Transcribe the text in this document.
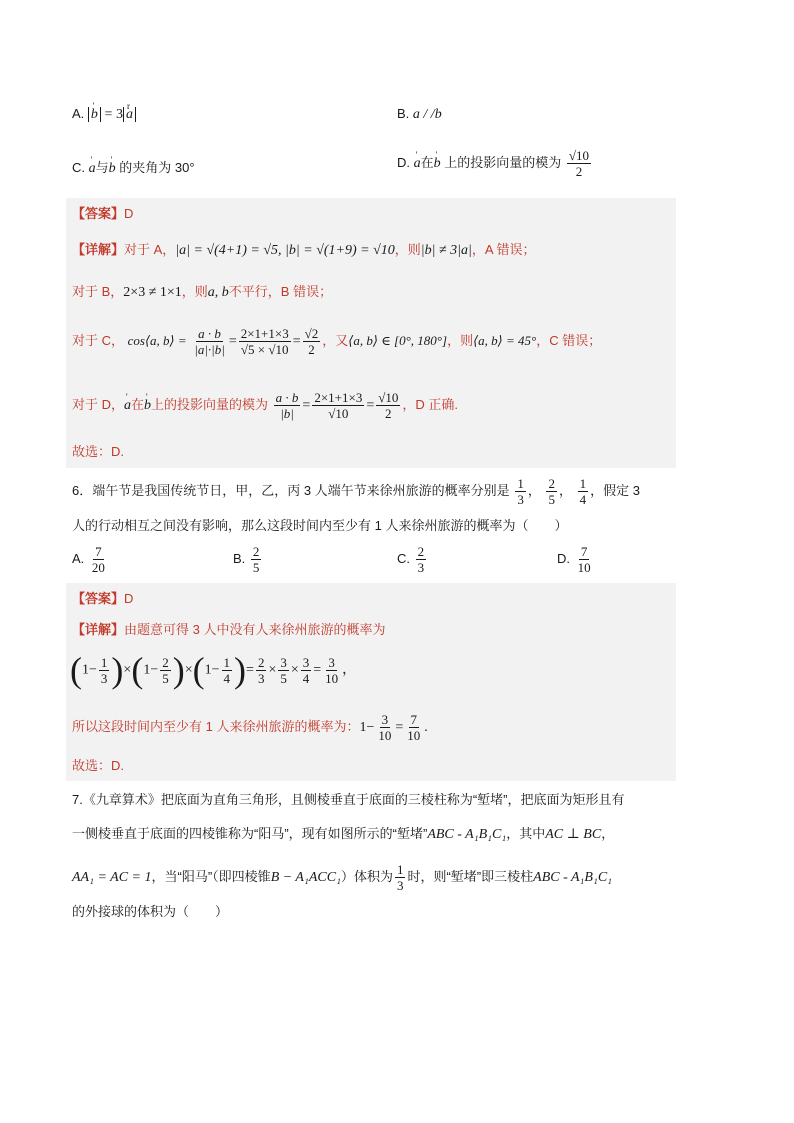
A. ' b = 3 r a	B. a / /b
C. ' a与' b 的夹角为 30°	D. ' a在' b 上的投影向量的模为 $\frac{√10}{2}$
【答案】D
【详解】对于 A，|a| = √(4+1) = √5, |b| = √(1+9) = √10，则|b| ≠ 3|a|，A 错误；
对于 B，2×3 ≠ 1×1，则a, b不平行，B 错误；
对于 C， cos⟨a, b⟩ = $\frac{a \cdot b}{|a|\cdot|b|} = \frac{2\times 1+1\times 3}{√5 \times √10} = \frac{√2}{2}$ ，又⟨a, b⟩ ∈ [0°, 180°]，则⟨a, b⟩ = 45°，C 错误；
对于 D，' a在' b上的投影向量的模为 $\frac{a \cdot b}{|b|} = \frac{2\times 1+1\times 3}{√10} = \frac{√10}{2}$ ，D 正确.
故选：D.
6．端午节是我国传统节日，甲，乙，丙 3 人端午节来徐州旅游的概率分别是 $\frac{1}{3}$ ， $\frac{2}{5}$ ， $\frac{1}{4}$ ，假定 3
人的行动相互之间没有影响，那么这段时间内至少有 1 人来徐州旅游的概率为（　　）
A. $\frac{7}{20}$	B. $\frac{2}{5}$	C. $\frac{2}{3}$	D. $\frac{7}{10}$
【答案】D
【详解】由题意可得 3 人中没有人来徐州旅游的概率为
$(1- \frac{1}{3} )\times(1- \frac{2}{5} )\times(1- \frac{1}{4}$ )= $\frac{2}{3} \times \frac{3}{5} \times \frac{3}{4} = \frac{3}{10}$ ，
所以这段时间内至少有 1 人来徐州旅游的概率为：$1- \frac{3}{10} = \frac{7}{10}$ .
故选：D.
7.《九章算术》把底面为直角三角形，且侧棱垂直于底面的三棱柱称为“堑堵”，把底面为矩形且有
一侧棱垂直于底面的四棱锥称为“阳马”，现有如图所示的“堑堵”ABC - A₁B₁C₁，其中AC ⊥ BC，
AA₁ = AC = 1，当“阳马”（即四棱锥B − A₁ACC₁）体积为 $\frac{1}{3}$ 时，则“堑堵”即三棱柱ABC - A₁B₁C₁
的外接球的体积为（　　）
